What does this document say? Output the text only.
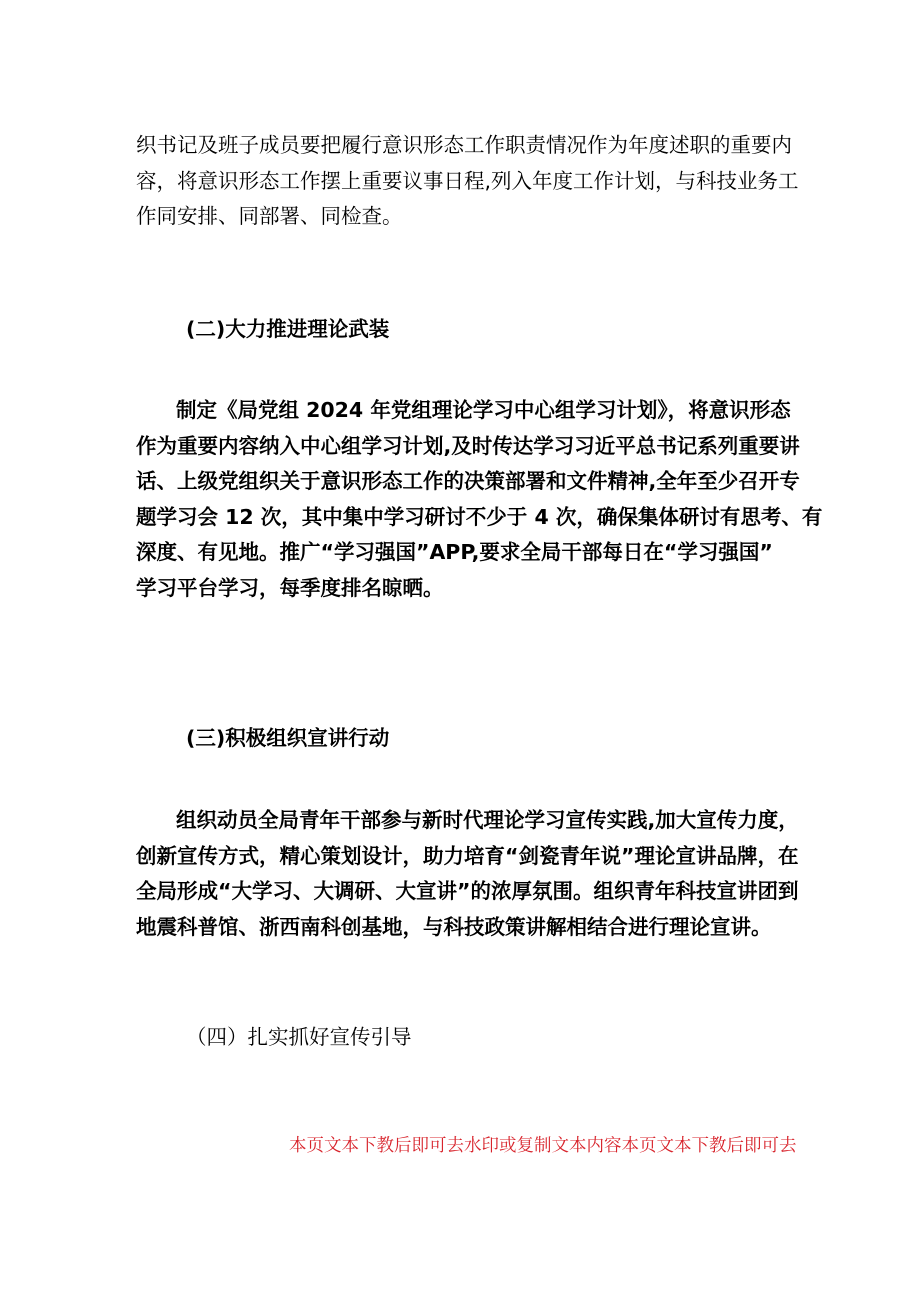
织书记及班子成员要把履行意识形态工作职责情况作为年度述职的重要内
容，将意识形态工作摆上重要议事日程,列入年度工作计划，与科技业务工
作同安排、同部署、同检查。
(二)大力推进理论武装
制定《局党组 2024 年党组理论学习中心组学习计划》，将意识形态
作为重要内容纳入中心组学习计划,及时传达学习习近平总书记系列重要讲
话、上级党组织关于意识形态工作的决策部署和文件精神,全年至少召开专
题学习会 12 次，其中集中学习研讨不少于 4 次，确保集体研讨有思考、有
深度、有见地。推广“学习强国”APP,要求全局干部每日在“学习强国”
学习平台学习，每季度排名晾晒。
(三)积极组织宣讲行动
组织动员全局青年干部参与新时代理论学习宣传实践,加大宣传力度，
创新宣传方式，精心策划设计，助力培育“剑瓷青年说”理论宣讲品牌，在
全局形成“大学习、大调研、大宣讲”的浓厚氛围。组织青年科技宣讲团到
地震科普馆、浙西南科创基地，与科技政策讲解相结合进行理论宣讲。
（四）扎实抓好宣传引导
本页文本下教后即可去水印或复制文本内容本页文本下教后即可去
